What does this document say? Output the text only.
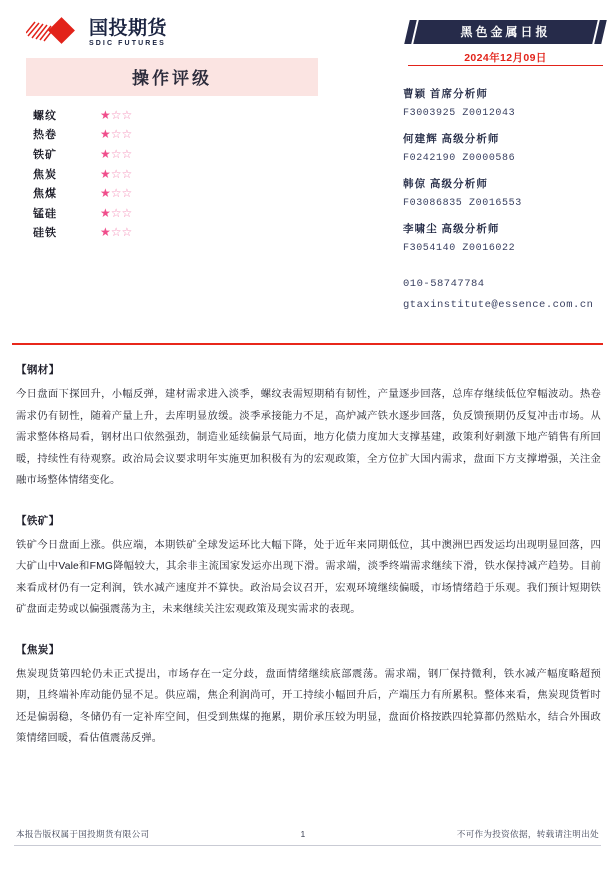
国投期货
SDIC FUTURES
操作评级
螺纹	★☆☆
热卷	★☆☆
铁矿	★☆☆
焦炭	★☆☆
焦煤	★☆☆
锰硅	★☆☆
硅铁	★☆☆
黑色金属日报
2024年12月09日
曹颖 首席分析师
F3003925 Z0012043
何建辉 高级分析师
F0242190 Z0000586
韩倞 高级分析师
F03086835 Z0016553
李啸尘 高级分析师
F3054140 Z0016022
010-58747784
gtaxinstitute@essence.com.cn
【钢材】
今日盘面下探回升，小幅反弹，建材需求进入淡季，螺纹表需短期稍有韧性，产量逐步回落，总库存继续低位窄幅波动。热卷需求仍有韧性，随着产量上升，去库明显放缓。淡季承接能力不足，高炉减产铁水逐步回落，负反馈预期仍反复冲击市场。从需求整体格局看，钢材出口依然强劲，制造业延续偏景气局面，地方化债力度加大支撑基建，政策利好刺激下地产销售有所回暖，持续性有待观察。政治局会议要求明年实施更加积极有为的宏观政策，全方位扩大国内需求，盘面下方支撑增强，关注金融市场整体情绪变化。
【铁矿】
铁矿今日盘面上涨。供应端，本期铁矿全球发运环比大幅下降，处于近年来同期低位，其中澳洲巴西发运均出现明显回落，四大矿山中Vale和FMG降幅较大，其余非主流国家发运亦出现下滑。需求端，淡季终端需求继续下滑，铁水保持减产趋势。目前来看成材仍有一定利润，铁水减产速度并不算快。政治局会议召开，宏观环境继续偏暖，市场情绪趋于乐观。我们预计短期铁矿盘面走势或以偏强震荡为主，未来继续关注宏观政策及现实需求的表现。
【焦炭】
焦炭现货第四轮仍未正式提出，市场存在一定分歧，盘面情绪继续底部震荡。需求端，钢厂保持微利，铁水减产幅度略超预期，且终端补库动能仍显不足。供应端，焦企利润尚可，开工持续小幅回升后，产端压力有所累积。整体来看，焦炭现货暂时还是偏弱稳，冬储仍有一定补库空间，但受到焦煤的拖累，期价承压较为明显，盘面价格按跌四轮算都仍然贴水，结合外围政策情绪回暖，看估值震荡反弹。
本报告版权属于国投期货有限公司	1	不可作为投资依据，转载请注明出处
